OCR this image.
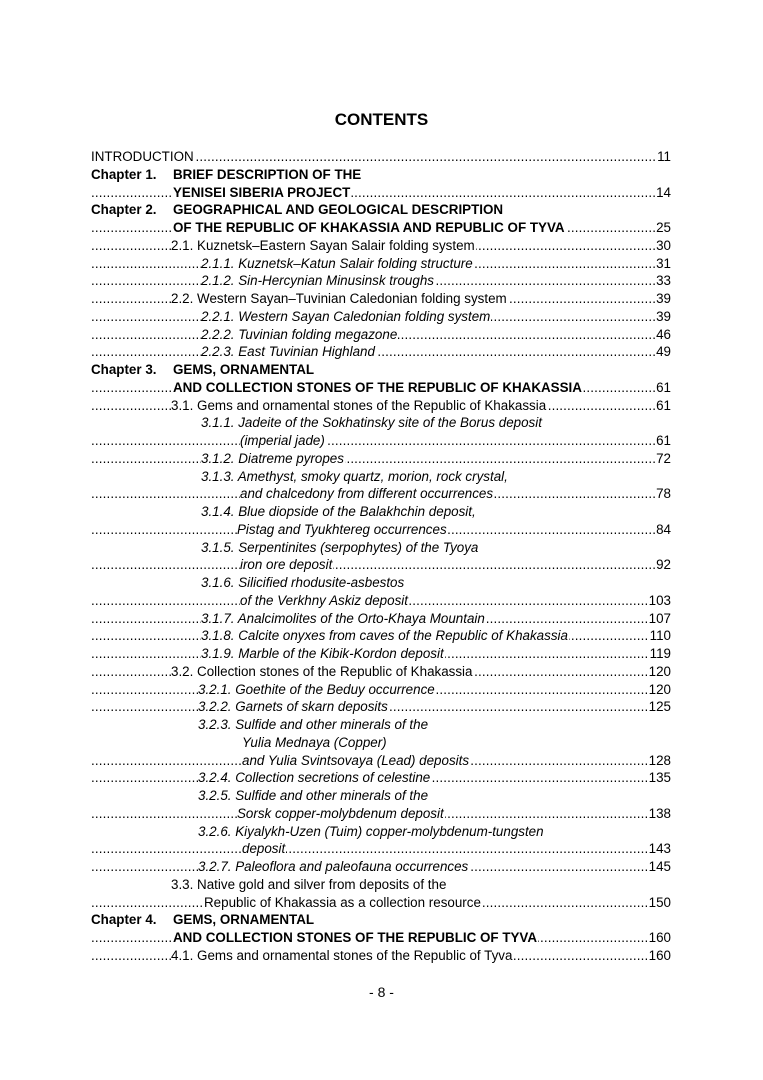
CONTENTS
..... INTRODUCTION	11
Chapter 1. BRIEF DESCRIPTION OF THE
..... YENISEI SIBERIA PROJECT	14
Chapter 2. GEOGRAPHICAL AND GEOLOGICAL DESCRIPTION
..... OF THE REPUBLIC OF KHAKASSIA AND REPUBLIC OF TYVA	25
..... 2.1. Kuznetsk–Eastern Sayan Salair folding system	30
..... 2.1.1. Kuznetsk–Katun Salair folding structure	31
..... 2.1.2. Sin-Hercynian Minusinsk troughs	33
..... 2.2. Western Sayan–Tuvinian Caledonian folding system	39
..... 2.2.1. Western Sayan Caledonian folding system	39
..... 2.2.2. Tuvinian folding megazone	46
..... 2.2.3. East Tuvinian Highland	49
Chapter 3. GEMS, ORNAMENTAL
..... AND COLLECTION STONES OF THE REPUBLIC OF KHAKASSIA	61
..... 3.1. Gems and ornamental stones of the Republic of Khakassia	61
3.1.1. Jadeite of the Sokhatinsky site of the Borus deposit
..... (imperial jade)	61
..... 3.1.2. Diatreme pyropes	72
3.1.3. Amethyst, smoky quartz, morion, rock crystal,
..... and chalcedony from different occurrences	78
3.1.4. Blue diopside of the Balakhchin deposit,
..... Pistag and Tyukhtereg occurrences	84
3.1.5. Serpentinites (serpophytes) of the Tyoya
..... iron ore deposit	92
3.1.6. Silicified rhodusite-asbestos
..... of the Verkhny Askiz deposit	103
..... 3.1.7. Analcimolites of the Orto-Khaya Mountain	107
..... 3.1.8. Calcite onyxes from caves of the Republic of Khakassia	110
..... 3.1.9. Marble of the Kibik-Kordon deposit	119
..... 3.2. Collection stones of the Republic of Khakassia	120
..... 3.2.1. Goethite of the Beduy occurrence	120
..... 3.2.2. Garnets of skarn deposits	125
3.2.3. Sulfide and other minerals of the
Yulia Mednaya (Copper)
..... and Yulia Svintsovaya (Lead) deposits	128
..... 3.2.4. Collection secretions of celestine	135
3.2.5. Sulfide and other minerals of the
..... Sorsk copper-molybdenum deposit	138
3.2.6. Kiyalykh-Uzen (Tuim) copper-molybdenum-tungsten
..... deposit	143
..... 3.2.7. Paleoflora and paleofauna occurrences	145
3.3. Native gold and silver from deposits of the
..... Republic of Khakassia as a collection resource	150
Chapter 4. GEMS, ORNAMENTAL
..... AND COLLECTION STONES OF THE REPUBLIC OF TYVA	160
..... 4.1. Gems and ornamental stones of the Republic of Tyva	160
- 8 -
